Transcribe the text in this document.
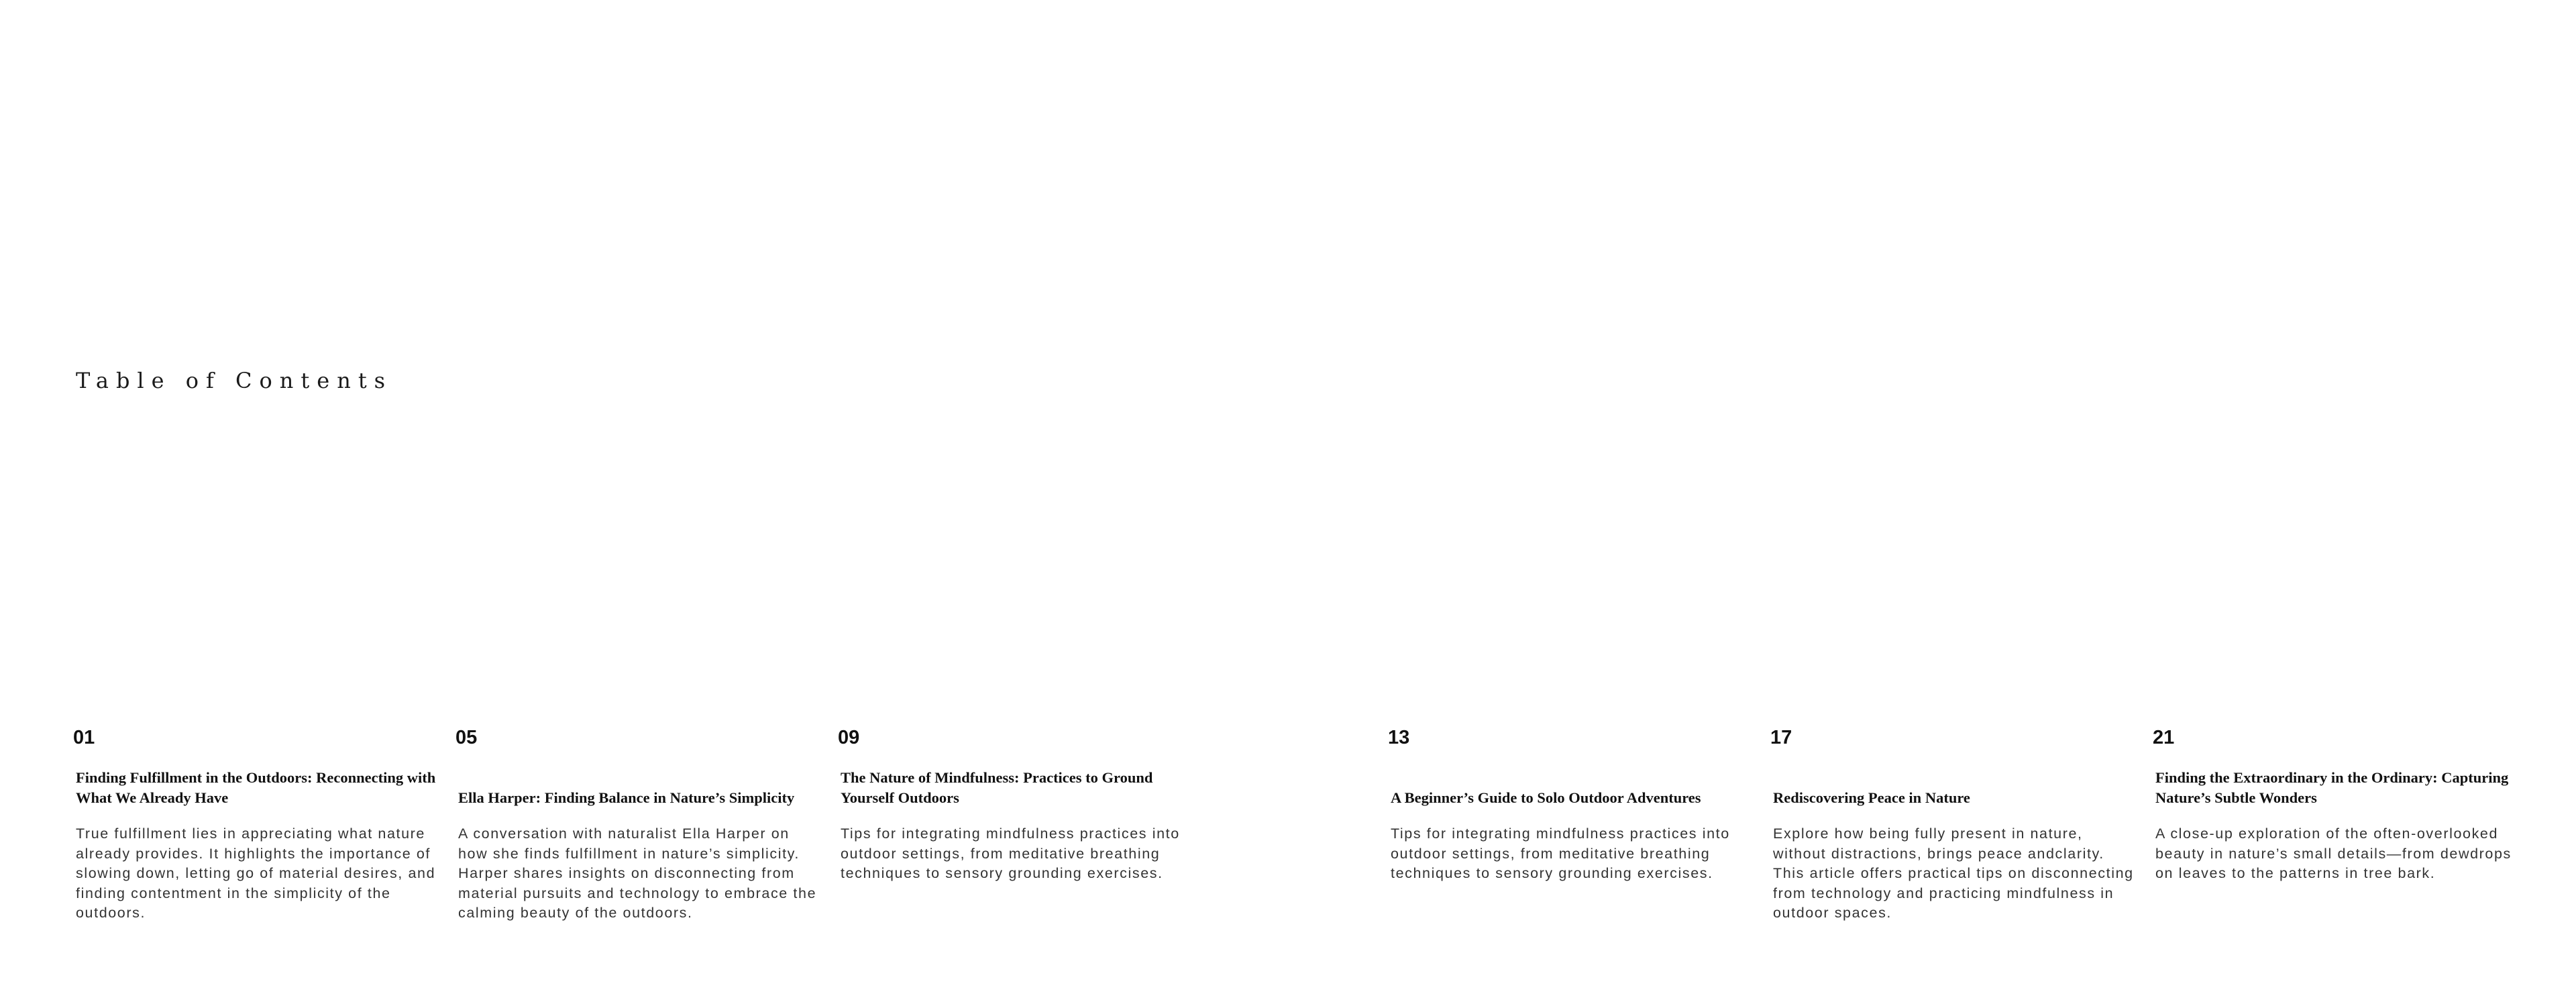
Table of Contents
01
Finding Fulfillment in the Outdoors: Reconnecting with What We Already Have

True fulfillment lies in appreciating what nature already provides. It highlights the importance of slowing down, letting go of material desires, and finding contentment in the simplicity of the outdoors.

05
Ella Harper: Finding Balance in Nature’s Simplicity

A conversation with naturalist Ella Harper on how she finds fulfillment in nature’s simplicity. Harper shares insights on disconnecting from material pursuits and technology to embrace the calming beauty of the outdoors.

09
The Nature of Mindfulness: Practices to Ground Yourself Outdoors

Tips for integrating mindfulness practices into outdoor settings, from meditative breathing techniques to sensory grounding exercises.

13
A Beginner’s Guide to Solo Outdoor Adventures

Tips for integrating mindfulness practices into outdoor settings, from meditative breathing techniques to sensory grounding exercises.

17
Rediscovering Peace in Nature

Explore how being fully present in nature, without distractions, brings peace andclarity. This article offers practical tips on disconnecting from technology and practicing mindfulness in outdoor spaces.

21
Finding the Extraordinary in the Ordinary: Capturing Nature’s Subtle Wonders

A close-up exploration of the often-overlooked beauty in nature’s small details—from dewdrops on leaves to the patterns in tree bark.
